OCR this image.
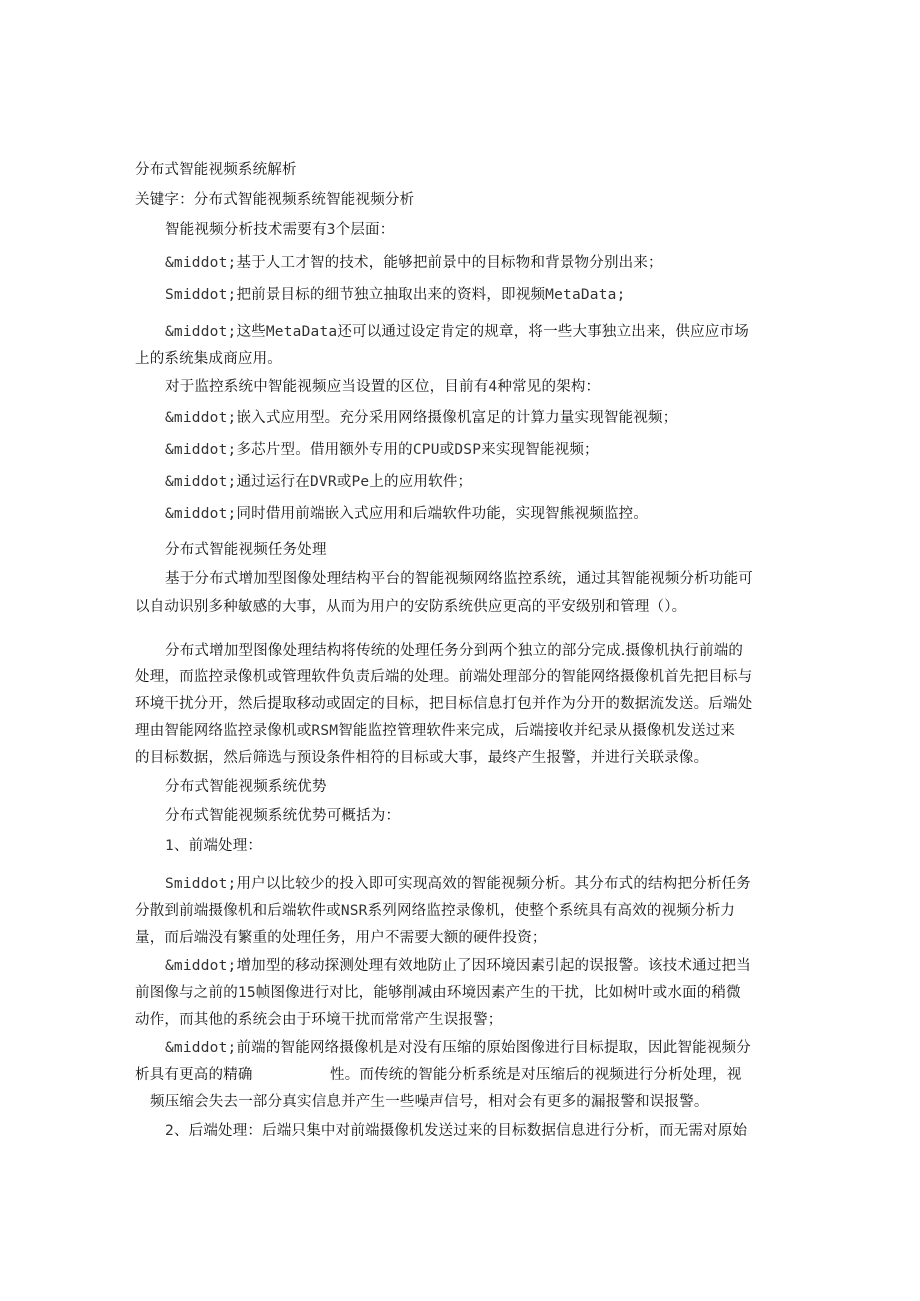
分布式智能视频系统解析
关键字：分布式智能视频系统智能视频分析
智能视频分析技术需要有3个层面：
&middot;基于人工才智的技术，能够把前景中的目标物和背景物分别出来；
Smiddot;把前景目标的细节独立抽取出来的资料，即视频MetaData;
&middot;这些MetaData还可以通过设定肯定的规章，将一些大事独立出来，供应应市场
上的系统集成商应用。
对于监控系统中智能视频应当设置的区位，目前有4种常见的架构：
&middot;嵌入式应用型。充分采用网络摄像机富足的计算力量实现智能视频；
&middot;多芯片型。借用额外专用的CPU或DSP来实现智能视频；
&middot;通过运行在DVR或Pe上的应用软件；
&middot;同时借用前端嵌入式应用和后端软件功能，实现智熊视频监控。
分布式智能视频任务处理
基于分布式增加型图像处理结构平台的智能视频网络监控系统，通过其智能视频分析功能可
以自动识别多种敏感的大事，从而为用户的安防系统供应更高的平安级别和管理（）。
分布式增加型图像处理结构将传统的处理任务分到两个独立的部分完成.摄像机执行前端的
处理，而监控录像机或管理软件负责后端的处理。前端处理部分的智能网络摄像机首先把目标与
环境干扰分开，然后提取移动或固定的目标，把目标信息打包并作为分开的数据流发送。后端处
理由智能网络监控录像机或RSM智能监控管理软件来完成，后端接收并纪录从摄像机发送过来
的目标数据，然后筛选与预设条件相符的目标或大事，最终产生报警，并进行关联录像。
分布式智能视频系统优势
分布式智能视频系统优势可概括为：
1、前端处理：
Smiddot;用户以比较少的投入即可实现高效的智能视频分析。其分布式的结构把分析任务
分散到前端摄像机和后端软件或NSR系列网络监控录像机，使整个系统具有高效的视频分析力
量，而后端没有繁重的处理任务，用户不需要大额的硬件投资；
&middot;增加型的移动探测处理有效地防止了因环境因素引起的误报警。该技术通过把当
前图像与之前的15帧图像进行对比，能够削减由环境因素产生的干扰，比如树叶或水面的稍微
动作，而其他的系统会由于环境干扰而常常产生误报警；
&middot;前端的智能网络摄像机是对没有压缩的原始图像进行目标提取，因此智能视频分
析具有更高的精确	性。而传统的智能分析系统是对压缩后的视频进行分析处理，视
频压缩会失去一部分真实信息并产生一些噪声信号，相对会有更多的漏报警和误报警。
2、后端处理：后端只集中对前端摄像机发送过来的目标数据信息进行分析，而无需对原始
